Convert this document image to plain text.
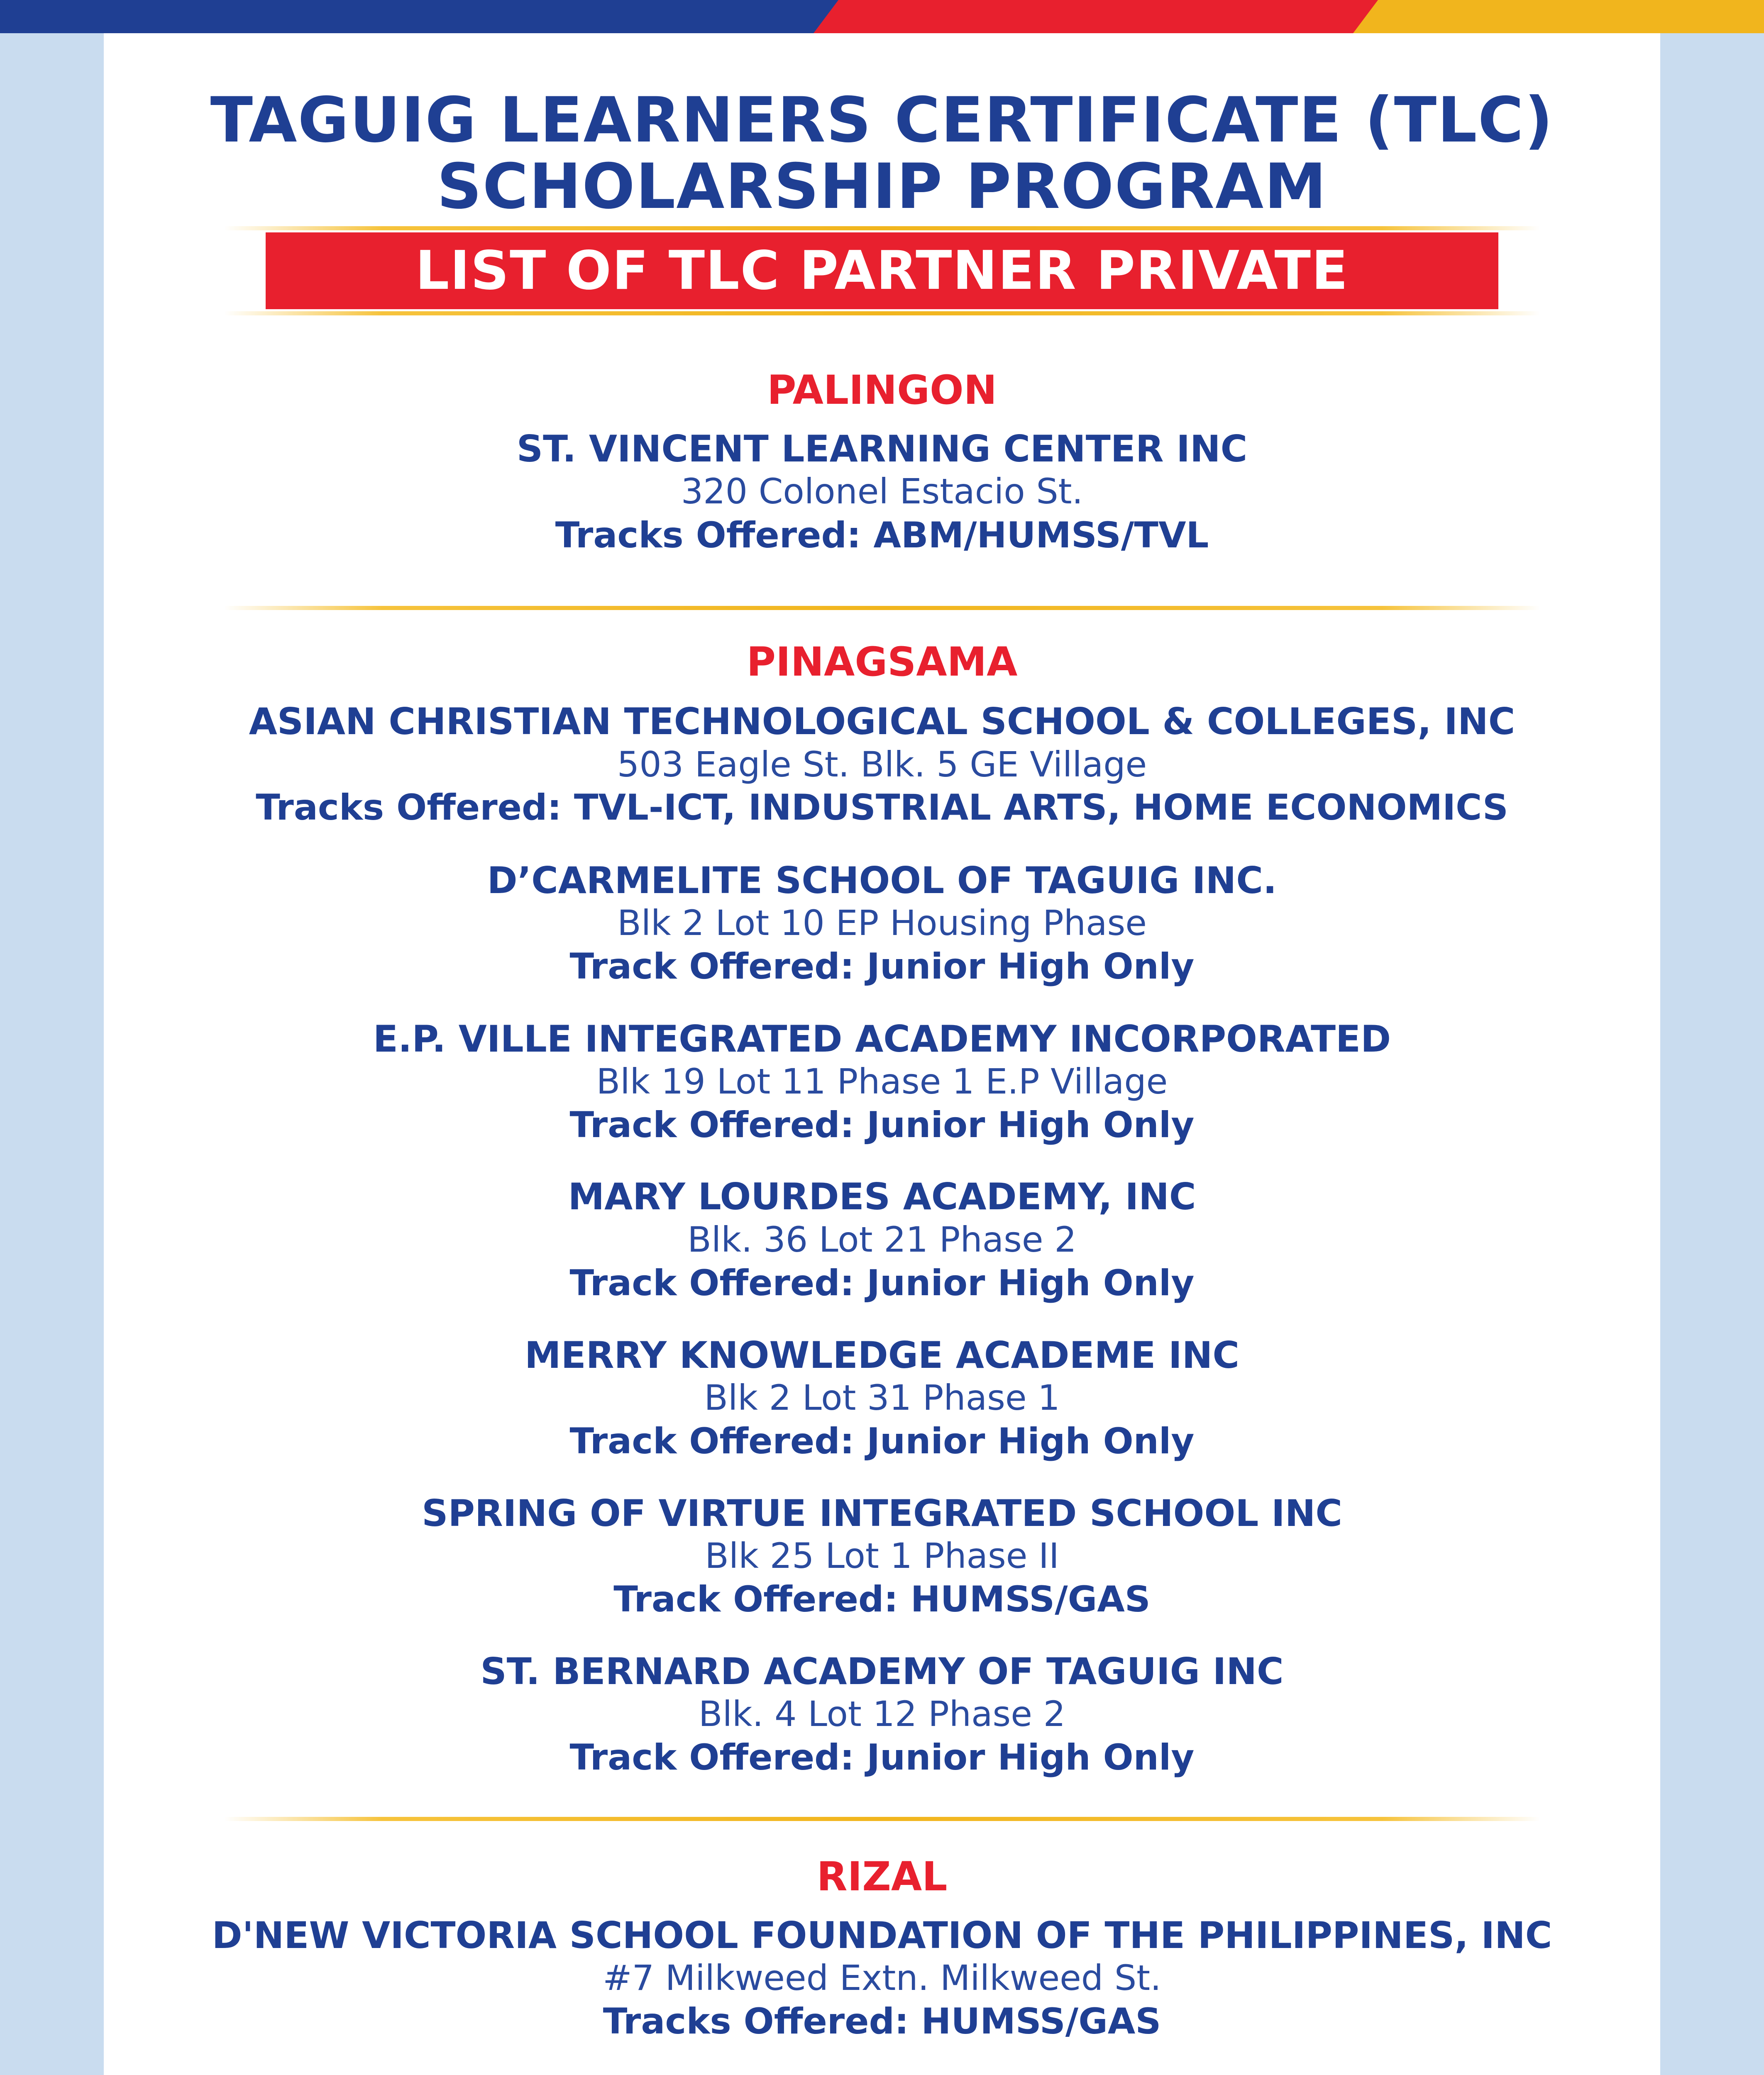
TAGUIG LEARNERS CERTIFICATE (TLC)
SCHOLARSHIP PROGRAM
LIST OF TLC PARTNER PRIVATE SCHOOLS
PALINGON
ST. VINCENT LEARNING CENTER INC
320 Colonel Estacio St.
Tracks Offered: ABM/HUMSS/TVL
PINAGSAMA
ASIAN CHRISTIAN TECHNOLOGICAL SCHOOL & COLLEGES, INC
503 Eagle St. Blk. 5 GE Village
Tracks Offered: TVL-ICT, INDUSTRIAL ARTS, HOME ECONOMICS
D’CARMELITE SCHOOL OF TAGUIG INC.
Blk 2 Lot 10 EP Housing Phase
Track Offered: Junior High Only
E.P. VILLE INTEGRATED ACADEMY INCORPORATED
Blk 19 Lot 11 Phase 1 E.P Village
Track Offered: Junior High Only
MARY LOURDES ACADEMY, INC
Blk. 36 Lot 21 Phase 2
Track Offered: Junior High Only
MERRY KNOWLEDGE ACADEME INC
Blk 2 Lot 31 Phase 1
Track Offered: Junior High Only
SPRING OF VIRTUE INTEGRATED SCHOOL INC
Blk 25 Lot 1 Phase II
Track Offered: HUMSS/GAS
ST. BERNARD ACADEMY OF TAGUIG INC
Blk. 4 Lot 12 Phase 2
Track Offered: Junior High Only
RIZAL
D'NEW VICTORIA SCHOOL FOUNDATION OF THE PHILIPPINES, INC
#7 Milkweed Extn. Milkweed St.
Tracks Offered: HUMSS/GAS
